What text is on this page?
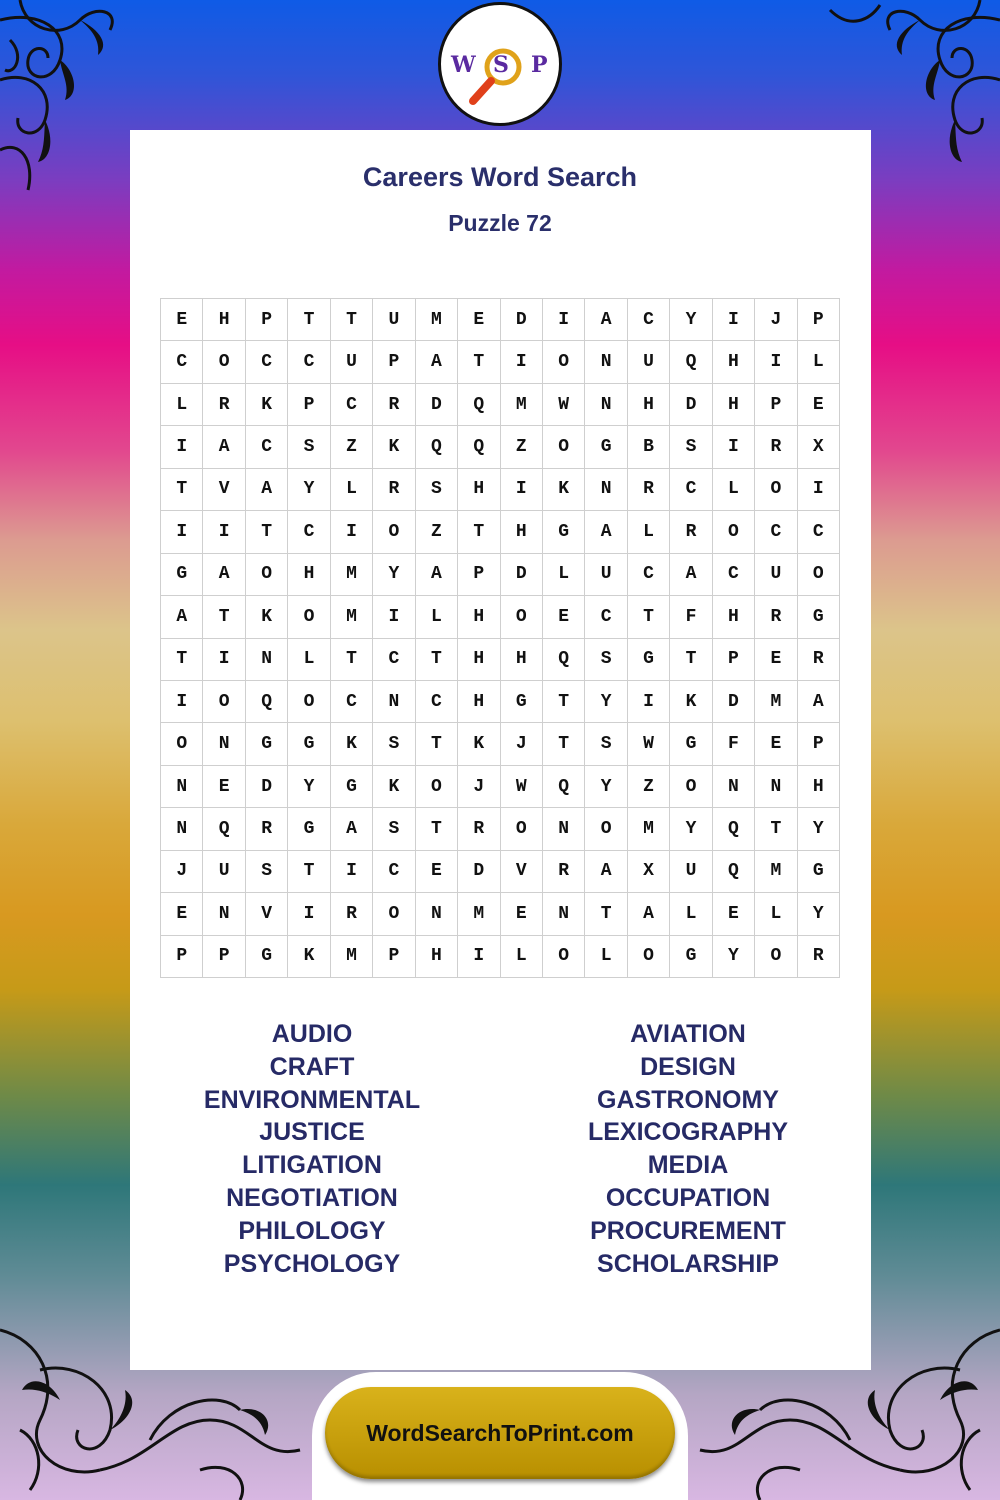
W S P
Careers Word Search
Puzzle 72
E	H	P	T	T	U	M	E	D	I	A	C	Y	I	J	P
C	O	C	C	U	P	A	T	I	O	N	U	Q	H	I	L
L	R	K	P	C	R	D	Q	M	W	N	H	D	H	P	E
I	A	C	S	Z	K	Q	Q	Z	O	G	B	S	I	R	X
T	V	A	Y	L	R	S	H	I	K	N	R	C	L	O	I
I	I	T	C	I	O	Z	T	H	G	A	L	R	O	C	C
G	A	O	H	M	Y	A	P	D	L	U	C	A	C	U	O
A	T	K	O	M	I	L	H	O	E	C	T	F	H	R	G
T	I	N	L	T	C	T	H	H	Q	S	G	T	P	E	R
I	O	Q	O	C	N	C	H	G	T	Y	I	K	D	M	A
O	N	G	G	K	S	T	K	J	T	S	W	G	F	E	P
N	E	D	Y	G	K	O	J	W	Q	Y	Z	O	N	N	H
N	Q	R	G	A	S	T	R	O	N	O	M	Y	Q	T	Y
J	U	S	T	I	C	E	D	V	R	A	X	U	Q	M	G
E	N	V	I	R	O	N	M	E	N	T	A	L	E	L	Y
P	P	G	K	M	P	H	I	L	O	L	O	G	Y	O	R
AUDIO
CRAFT
ENVIRONMENTAL
JUSTICE
LITIGATION
NEGOTIATION
PHILOLOGY
PSYCHOLOGY
AVIATION
DESIGN
GASTRONOMY
LEXICOGRAPHY
MEDIA
OCCUPATION
PROCUREMENT
SCHOLARSHIP
WordSearchToPrint.com
